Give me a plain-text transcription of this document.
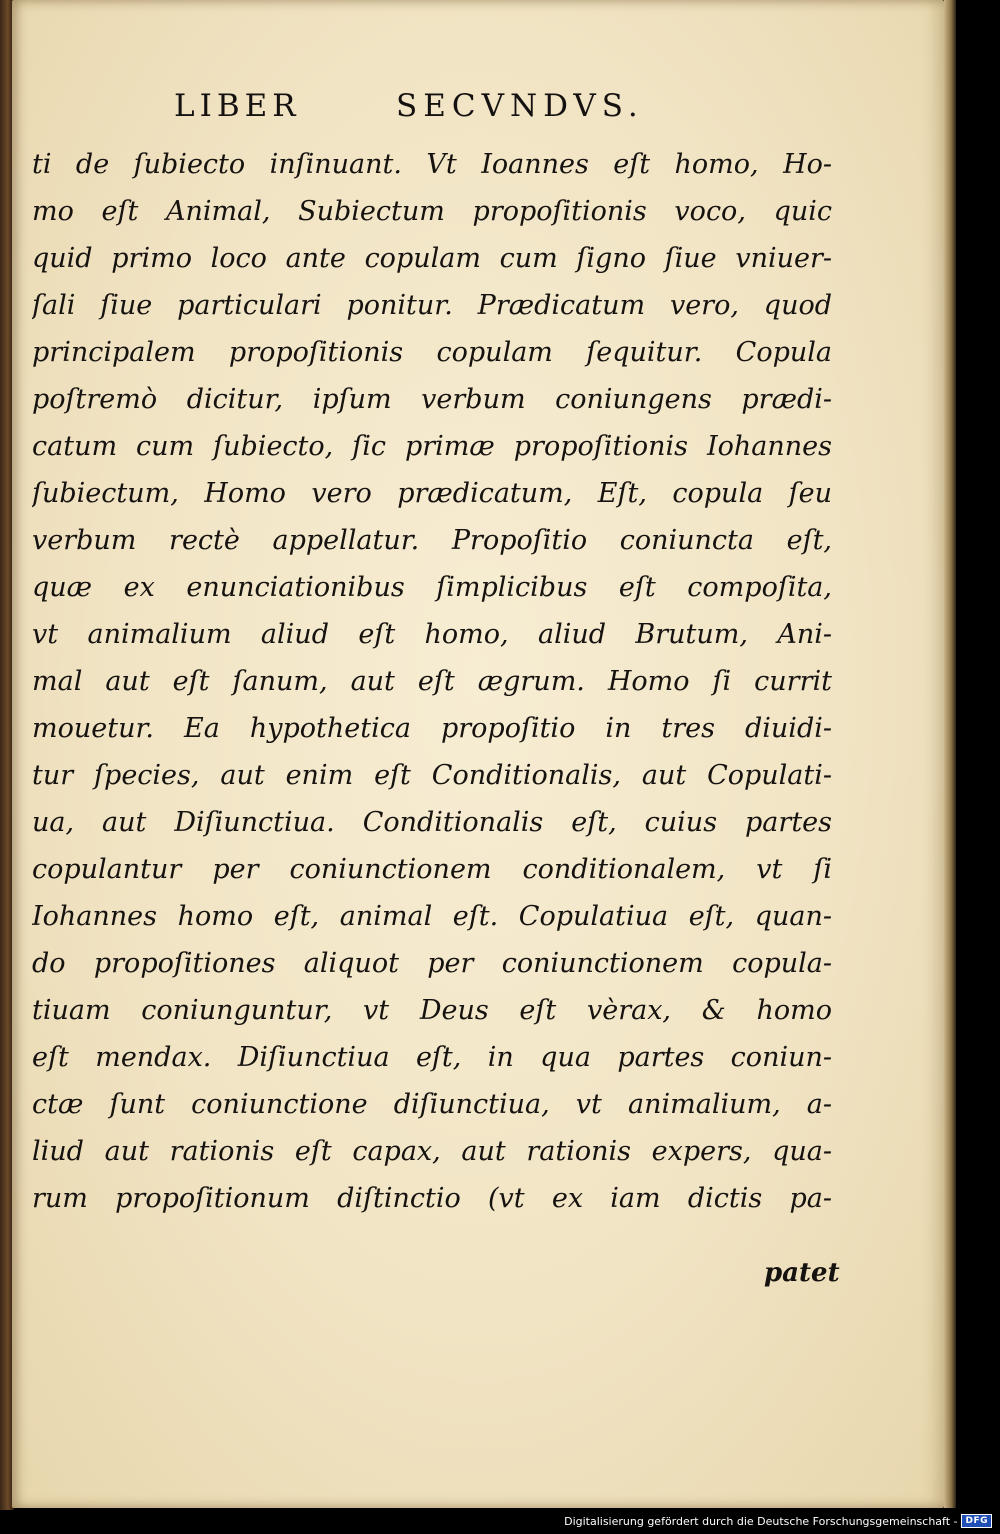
LIBER	SECVNDVS.
ti de ſubiecto inſinuant. Vt Ioannes eſt homo, Ho-
mo eſt Animal, Subiectum propoſitionis voco, quic
quid primo loco ante copulam cum ſigno ſiue vniuer-
ſali ſiue particulari ponitur. Prædicatum vero, quod
principalem propoſitionis copulam ſequitur. Copula
poſtremò dicitur, ipſum verbum coniungens prædi-
catum cum ſubiecto, ſic primæ propoſitionis Iohannes
ſubiectum, Homo vero prædicatum, Eſt, copula ſeu
verbum rectè appellatur. Propoſitio coniuncta eſt,
quæ ex enunciationibus ſimplicibus eſt compoſita,
vt animalium aliud eſt homo, aliud Brutum, Ani-
mal aut eſt ſanum, aut eſt ægrum. Homo ſi currit
mouetur. Ea hypothetica propoſitio in tres diuidi-
tur ſpecies, aut enim eſt Conditionalis, aut Copulati-
ua, aut Diſiunctiua. Conditionalis eſt, cuius partes
copulantur per coniunctionem conditionalem, vt ſi
Iohannes homo eſt, animal eſt. Copulatiua eſt, quan-
do propoſitiones aliquot per coniunctionem copula-
tiuam coniunguntur, vt Deus eſt vèrax, & homo
eſt mendax. Diſiunctiua eſt, in qua partes coniun-
ctæ ſunt coniunctione diſiunctiua, vt animalium, a-
liud aut rationis eſt capax, aut rationis expers, qua-
rum propoſitionum diſtinctio (vt ex iam dictis pa-
patet
Digitalisierung gefördert durch die Deutsche Forschungsgemeinschaft - DFG
